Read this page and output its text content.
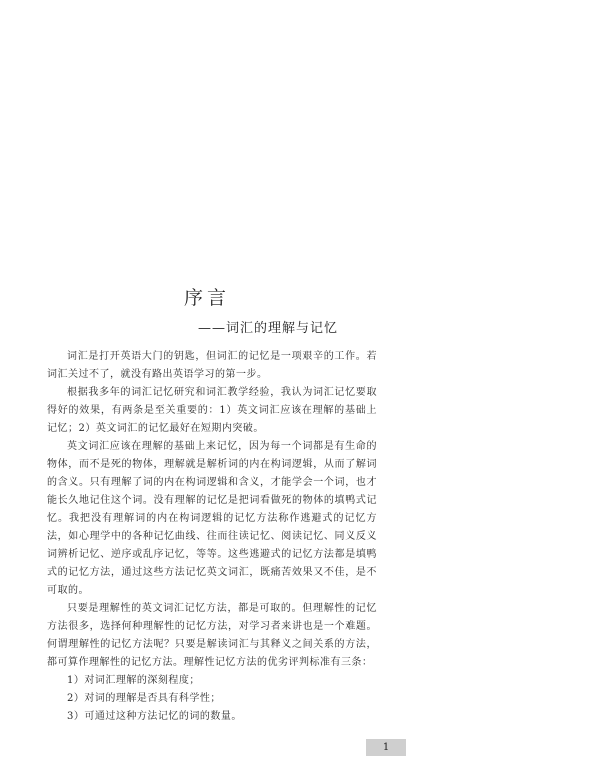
序言
——词汇的理解与记忆

词汇是打开英语大门的钥匙，但词汇的记忆是一项艰辛的工作。若词汇关过不了，就没有路出英语学习的第一步。

根据我多年的词汇记忆研究和词汇教学经验，我认为词汇记忆要取得好的效果，有两条是至关重要的：1）英文词汇应该在理解的基础上记忆；2）英文词汇的记忆最好在短期内突破。

英文词汇应该在理解的基础上来记忆，因为每一个词都是有生命的物体，而不是死的物体，理解就是解析词的内在构词逻辑，从而了解词的含义。只有理解了词的内在构词逻辑和含义，才能学会一个词，也才能长久地记住这个词。没有理解的记忆是把词看做死的物体的填鸭式记忆。我把没有理解词的内在构词逻辑的记忆方法称作逃避式的记忆方法，如心理学中的各种记忆曲线、往而往读记忆、阅读记忆、同义反义词辨析记忆、逆序或乱序记忆，等等。这些逃避式的记忆方法都是填鸭式的记忆方法，通过这些方法记忆英文词汇，既痛苦效果又不佳，是不可取的。

只要是理解性的英文词汇记忆方法，都是可取的。但理解性的记忆方法很多，选择何种理解性的记忆方法，对学习者来讲也是一个难题。何谓理解性的记忆方法呢？只要是解读词汇与其释义之间关系的方法，都可算作理解性的记忆方法。理解性记忆方法的优劣评判标准有三条：

1）对词汇理解的深刻程度；
2）对词的理解是否具有科学性；
3）可通过这种方法记忆的词的数量。
1
